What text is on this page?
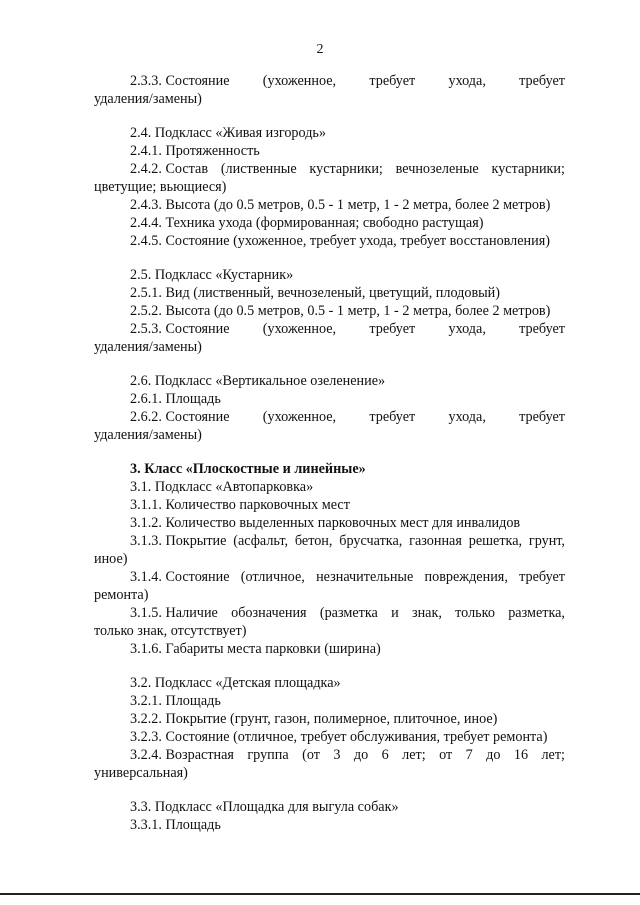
2
2.3.3. Состояние (ухоженное, требует ухода, требует
удаления/замены)
2.4. Подкласс «Живая изгородь»
2.4.1. Протяженность
2.4.2. Состав (лиственные кустарники; вечнозеленые кустарники;
цветущие; вьющиеся)
2.4.3. Высота (до 0.5 метров, 0.5 - 1 метр, 1 - 2 метра, более 2 метров)
2.4.4. Техника ухода (формированная; свободно растущая)
2.4.5. Состояние (ухоженное, требует ухода, требует восстановления)
2.5. Подкласс «Кустарник»
2.5.1. Вид (лиственный, вечнозеленый, цветущий, плодовый)
2.5.2. Высота (до 0.5 метров, 0.5 - 1 метр, 1 - 2 метра, более 2 метров)
2.5.3. Состояние (ухоженное, требует ухода, требует
удаления/замены)
2.6. Подкласс «Вертикальное озеленение»
2.6.1. Площадь
2.6.2. Состояние (ухоженное, требует ухода, требует
удаления/замены)
3. Класс «Плоскостные и линейные»
3.1. Подкласс «Автопарковка»
3.1.1. Количество парковочных мест
3.1.2. Количество выделенных парковочных мест для инвалидов
3.1.3. Покрытие (асфальт, бетон, брусчатка, газонная решетка, грунт,
иное)
3.1.4. Состояние (отличное, незначительные повреждения, требует
ремонта)
3.1.5. Наличие обозначения (разметка и знак, только разметка,
только знак, отсутствует)
3.1.6. Габариты места парковки (ширина)
3.2. Подкласс «Детская площадка»
3.2.1. Площадь
3.2.2. Покрытие (грунт, газон, полимерное, плиточное, иное)
3.2.3. Состояние (отличное, требует обслуживания, требует ремонта)
3.2.4. Возрастная группа (от 3 до 6 лет; от 7 до 16 лет;
универсальная)
3.3. Подкласс «Площадка для выгула собак»
3.3.1. Площадь
